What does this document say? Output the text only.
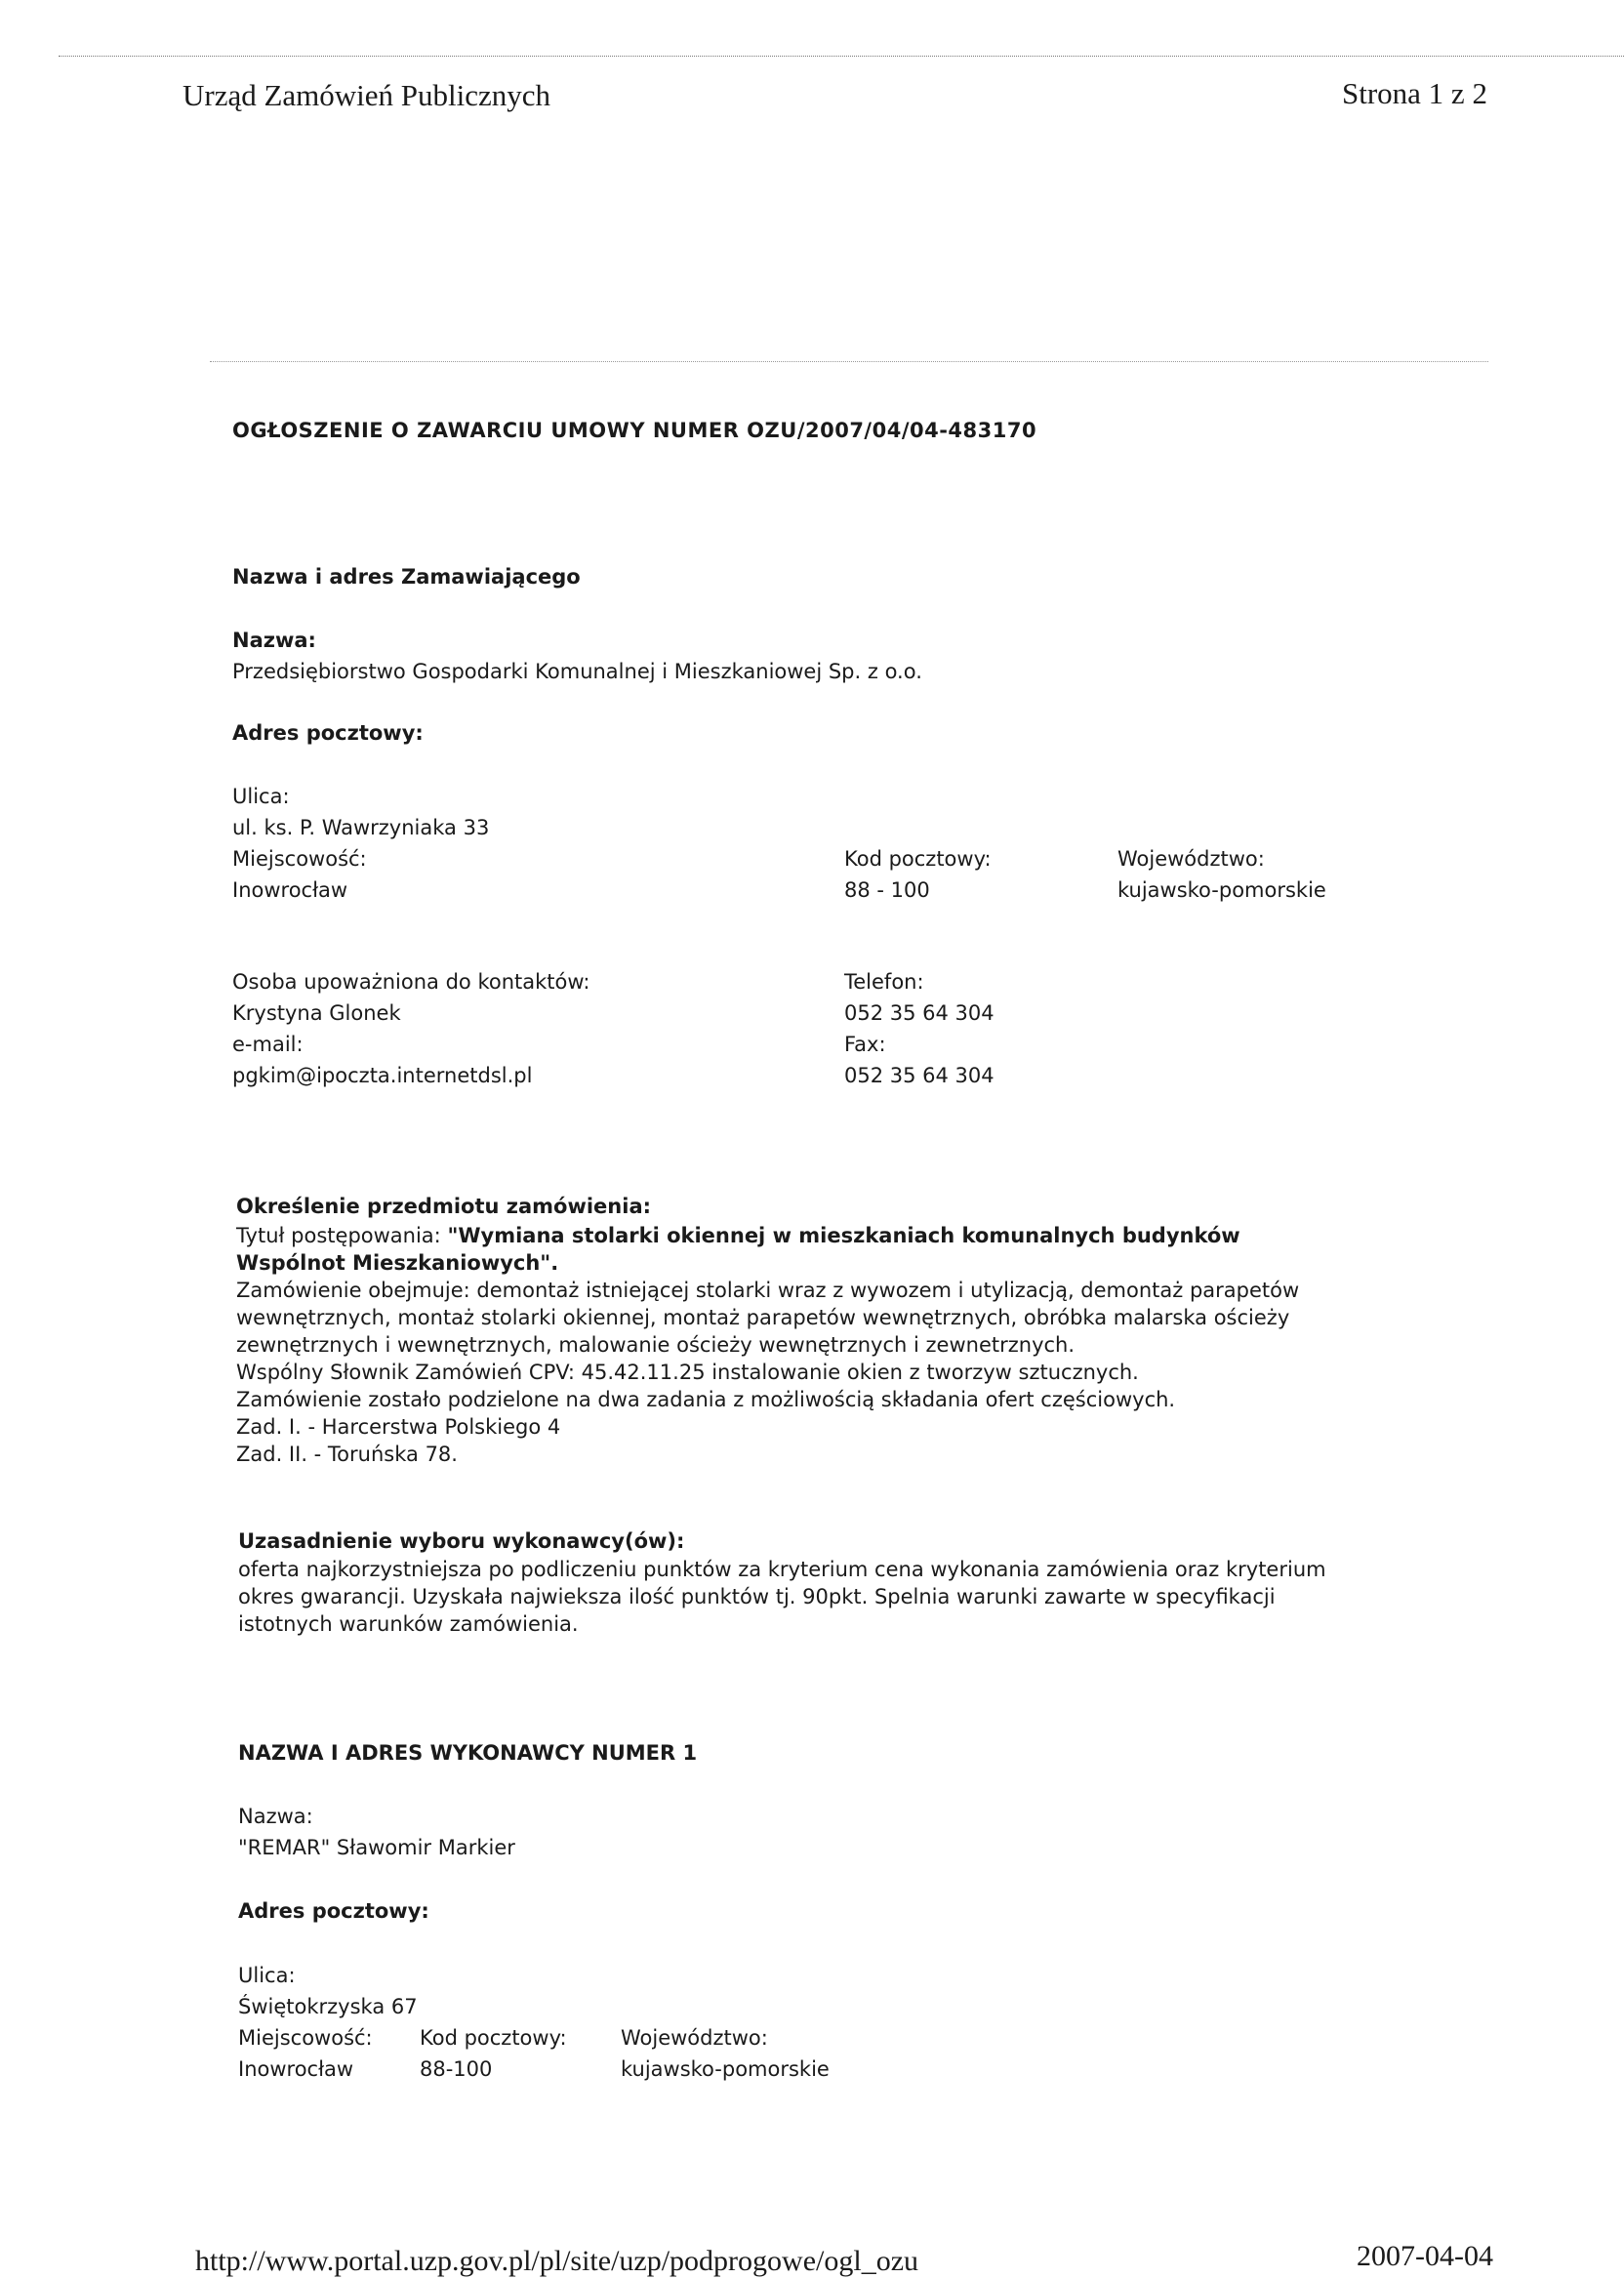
Urząd Zamówień Publicznych	Strona 1 z 2
OGŁOSZENIE O ZAWARCIU UMOWY NUMER OZU/2007/04/04-483170
Nazwa i adres Zamawiającego
Nazwa:
Przedsiębiorstwo Gospodarki Komunalnej i Mieszkaniowej Sp. z o.o.
Adres pocztowy:
Ulica:
ul. ks. P. Wawrzyniaka 33
Miejscowość:
Inowrocław
Kod pocztowy:
88 - 100
Województwo:
kujawsko-pomorskie
Osoba upoważniona do kontaktów:
Krystyna Glonek
e-mail:
pgkim@ipoczta.internetdsl.pl
Telefon:
052 35 64 304
Fax:
052 35 64 304
Określenie przedmiotu zamówienia:
Tytuł postępowania: "Wymiana stolarki okiennej w mieszkaniach komunalnych budynków
Wspólnot Mieszkaniowych".
Zamówienie obejmuje: demontaż istniejącej stolarki wraz z wywozem i utylizacją, demontaż parapetów
wewnętrznych, montaż stolarki okiennej, montaż parapetów wewnętrznych, obróbka malarska ościeży
zewnętrznych i wewnętrznych, malowanie ościeży wewnętrznych i zewnetrznych.
Wspólny Słownik Zamówień CPV: 45.42.11.25 instalowanie okien z tworzyw sztucznych.
Zamówienie zostało podzielone na dwa zadania z możliwością składania ofert częściowych.
Zad. I. - Harcerstwa Polskiego 4
Zad. II. - Toruńska 78.
Uzasadnienie wyboru wykonawcy(ów):
oferta najkorzystniejsza po podliczeniu punktów za kryterium cena wykonania zamówienia oraz kryterium
okres gwarancji. Uzyskała najwieksza ilość punktów tj. 90pkt. Spelnia warunki zawarte w specyfikacji
istotnych warunków zamówienia.
NAZWA I ADRES WYKONAWCY NUMER 1
Nazwa:
"REMAR" Sławomir Markier
Adres pocztowy:
Ulica:
Świętokrzyska 67
Miejscowość:
Inowrocław
Kod pocztowy:
88-100
Województwo:
kujawsko-pomorskie
http://www.portal.uzp.gov.pl/pl/site/uzp/podprogowe/ogl_ozu	2007-04-04
